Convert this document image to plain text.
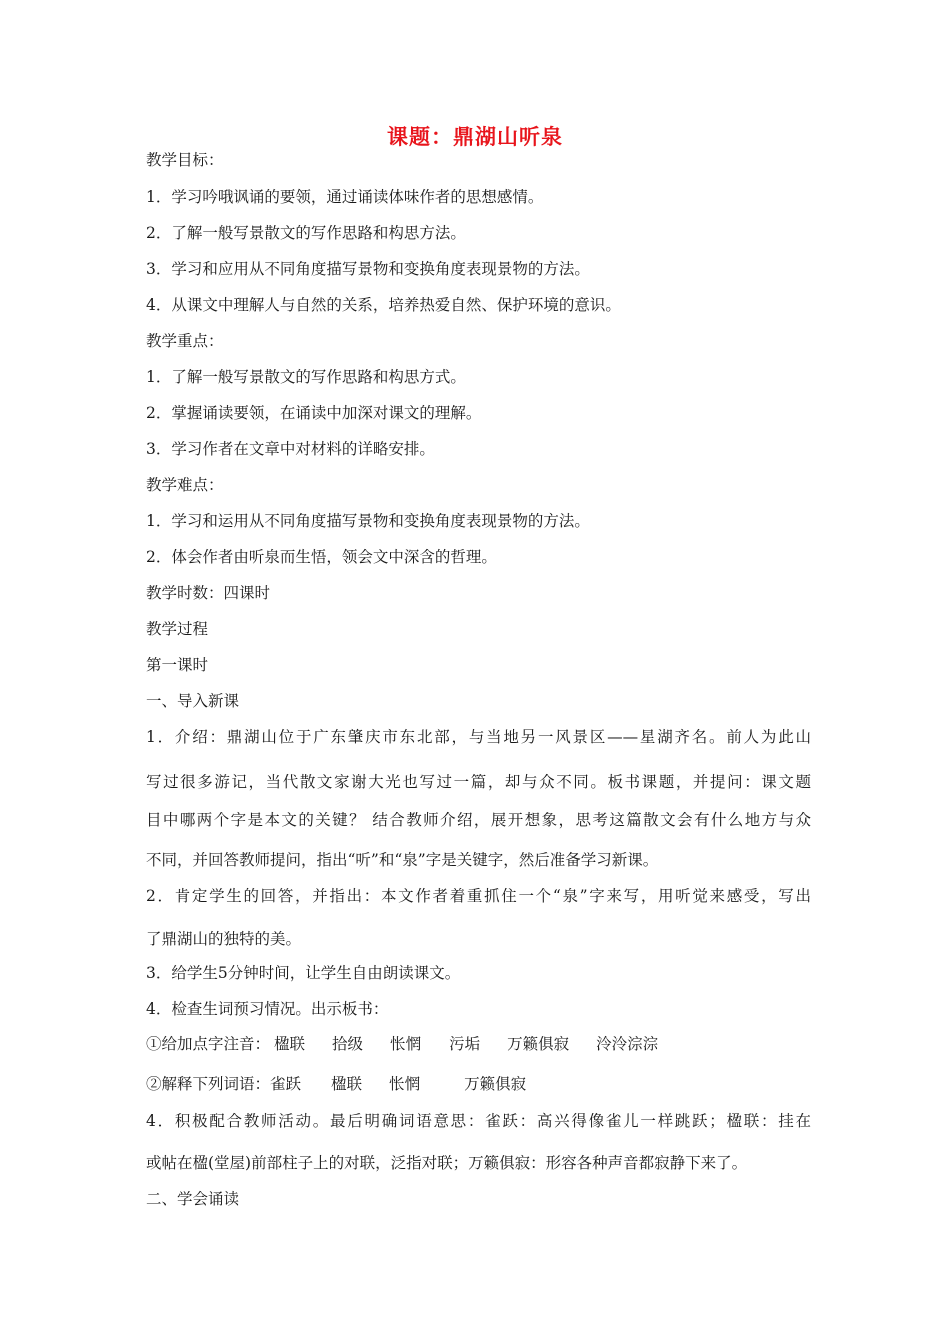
课题：鼎湖山听泉
教学目标：
1．学习吟哦讽诵的要领，通过诵读体味作者的思想感情。
2．了解一般写景散文的写作思路和构思方法。
3．学习和应用从不同角度描写景物和变换角度表现景物的方法。
4．从课文中理解人与自然的关系，培养热爱自然、保护环境的意识。
教学重点：
1．了解一般写景散文的写作思路和构思方式。
2．掌握诵读要领，在诵读中加深对课文的理解。
3．学习作者在文章中对材料的详略安排。
教学难点：
1．学习和运用从不同角度描写景物和变换角度表现景物的方法。
2．体会作者由听泉而生悟，领会文中深含的哲理。
教学时数：四课时
教学过程
第一课时
一、导入新课
1．介绍：鼎湖山位于广东肇庆市东北部，与当地另一风景区——星湖齐名。前人为此山
写过很多游记，当代散文家谢大光也写过一篇，却与众不同。板书课题，并提问：课文题
目中哪两个字是本文的关键？ 结合教师介绍，展开想象，思考这篇散文会有什么地方与众
不同，并回答教师提问，指出“听”和“泉”字是关键字，然后准备学习新课。
2．肯定学生的回答，并指出：本文作者着重抓住一个“泉”字来写，用听觉来感受，写出
了鼎湖山的独特的美。
3．给学生5分钟时间，让学生自由朗读课文。
4．检查生词预习情况。出示板书：
①给加点字注音： 楹联 拾级 怅惘 污垢 万籁俱寂 泠泠淙淙
②解释下列词语：雀跃 楹联 怅惘	万籁俱寂
4．积极配合教师活动。最后明确词语意思：雀跃：高兴得像雀儿一样跳跃；楹联：挂在
或帖在楹(堂屋)前部柱子上的对联，泛指对联；万籁俱寂：形容各种声音都寂静下来了。
二、学会诵读
